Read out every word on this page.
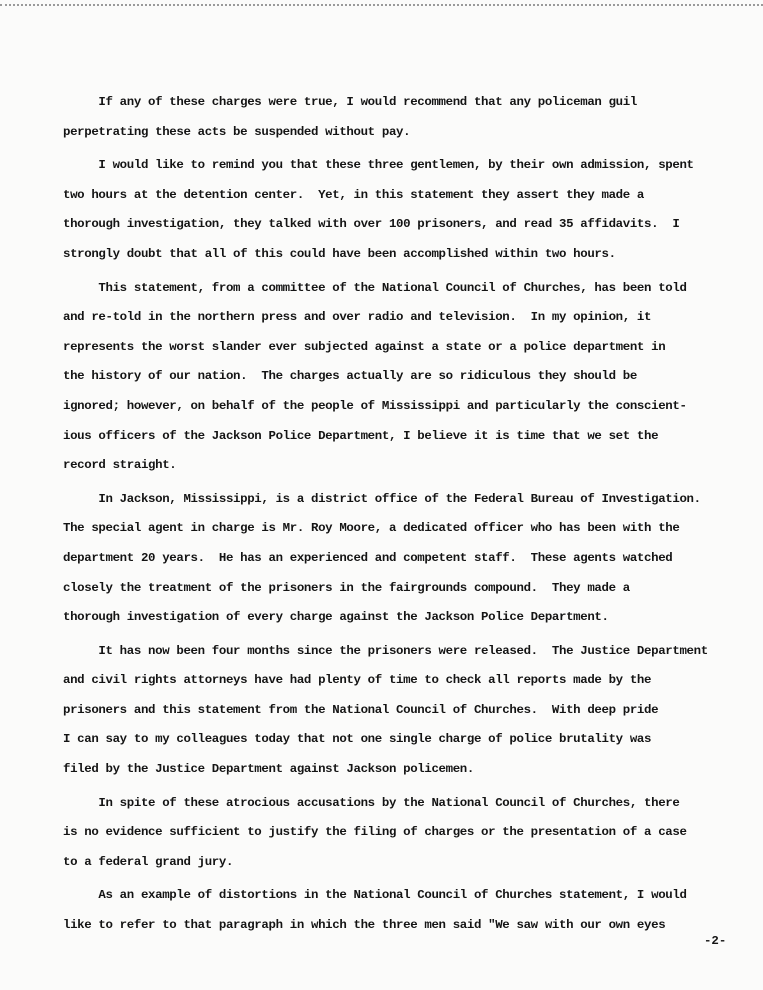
If any of these charges were true, I would recommend that any policeman guil
perpetrating these acts be suspended without pay.
I would like to remind you that these three gentlemen, by their own admission, spent
two hours at the detention center.  Yet, in this statement they assert they made a
thorough investigation, they talked with over 100 prisoners, and read 35 affidavits.  I
strongly doubt that all of this could have been accomplished within two hours.
This statement, from a committee of the National Council of Churches, has been told
and re-told in the northern press and over radio and television.  In my opinion, it
represents the worst slander ever subjected against a state or a police department in
the history of our nation.  The charges actually are so ridiculous they should be
ignored; however, on behalf of the people of Mississippi and particularly the conscient-
ious officers of the Jackson Police Department, I believe it is time that we set the
record straight.
In Jackson, Mississippi, is a district office of the Federal Bureau of Investigation.
The special agent in charge is Mr. Roy Moore, a dedicated officer who has been with the
department 20 years.  He has an experienced and competent staff.  These agents watched
closely the treatment of the prisoners in the fairgrounds compound.  They made a
thorough investigation of every charge against the Jackson Police Department.
It has now been four months since the prisoners were released.  The Justice Department
and civil rights attorneys have had plenty of time to check all reports made by the
prisoners and this statement from the National Council of Churches.  With deep pride
I can say to my colleagues today that not one single charge of police brutality was
filed by the Justice Department against Jackson policemen.
In spite of these atrocious accusations by the National Council of Churches, there
is no evidence sufficient to justify the filing of charges or the presentation of a case
to a federal grand jury.
As an example of distortions in the National Council of Churches statement, I would
like to refer to that paragraph in which the three men said "We saw with our own eyes
-2-
